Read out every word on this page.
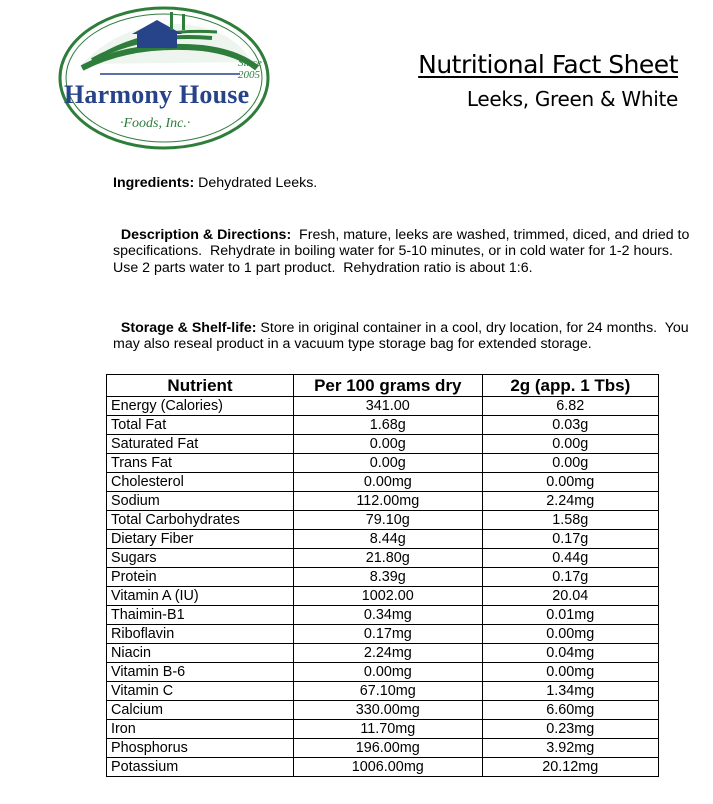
Since 2005
Harmony House
·Foods, Inc.·
Nutritional Fact Sheet
Leeks, Green & White
Ingredients: Dehydrated Leeks.

Description & Directions:  Fresh, mature, leeks are washed, trimmed, diced, and dried to specifications.  Rehydrate in boiling water for 5-10 minutes, or in cold water for 1-2 hours.  Use 2 parts water to 1 part product.  Rehydration ratio is about 1:6.

Storage & Shelf-life: Store in original container in a cool, dry location, for 24 months.  You may also reseal product in a vacuum type storage bag for extended storage.

Nutrient	Per 100 grams dry	2g (app. 1 Tbs)
Energy (Calories)	341.00	6.82
Total Fat	1.68g	0.03g
Saturated Fat	0.00g	0.00g
Trans Fat	0.00g	0.00g
Cholesterol	0.00mg	0.00mg
Sodium	112.00mg	2.24mg
Total Carbohydrates	79.10g	1.58g
Dietary Fiber	8.44g	0.17g
Sugars	21.80g	0.44g
Protein	8.39g	0.17g
Vitamin A (IU)	1002.00	20.04
Thaimin-B1	0.34mg	0.01mg
Riboflavin	0.17mg	0.00mg
Niacin	2.24mg	0.04mg
Vitamin B-6	0.00mg	0.00mg
Vitamin C	67.10mg	1.34mg
Calcium	330.00mg	6.60mg
Iron	11.70mg	0.23mg
Phosphorus	196.00mg	3.92mg
Potassium	1006.00mg	20.12mg
